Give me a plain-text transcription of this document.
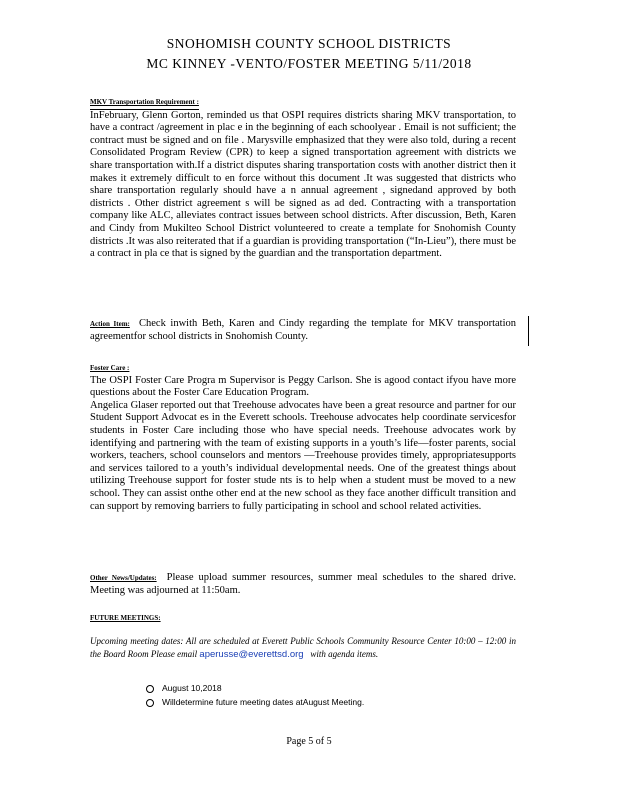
SNOHOMISH COUNTY SCHOOL DISTRICTS
MC KINNEY -VENTO/FOSTER MEETING 5/11/2018
MKV Transportation Requirement :

InFebruary, Glenn Gorton, reminded us that OSPI requires districts sharing MKV transportation, to have a contract /agreement in plac e in the beginning of each schoolyear . Email is not sufficient; the contract must be signed and on file . Marysville emphasized that they were also told, during a recent Consolidated Program Review (CPR) to keep a signed transportation agreement with districts we share transportation with.If a district disputes sharing transportation costs with another district then it makes it extremely difficult to en force without this document .It was suggested that districts who share transportation regularly should have a n annual agreement , signedand approved by both districts . Other district agreement s will be signed as ad ded. Contracting with a transportation company like ALC, alleviates contract issues between school districts. After discussion, Beth, Karen and Cindy from Mukilteo School District volunteered to create a template for Snohomish County districts .It was also reiterated that if a guardian is providing transportation (“In-Lieu”), there must be a contract in pla ce that is signed by the guardian and the transportation department.

Action Item: Check inwith Beth, Karen and Cindy regarding the template for MKV transportation agreementfor school districts in Snohomish County.

Foster Care :

The OSPI Foster Care Progra m Supervisor is Peggy Carlson. She is agood contact ifyou have more questions about the Foster Care Education Program.

Angelica Glaser reported out that Treehouse advocates have been a great resource and partner for our Student Support Advocat es in the Everett schools. Treehouse advocates help coordinate servicesfor students in Foster Care including those who have special needs. Treehouse advocates work by identifying and partnering with the team of existing supports in a youth’s life—foster parents, social workers, teachers, school counselors and mentors —Treehouse provides timely, appropriatesupports and services tailored to a youth’s individual developmental needs. One of the greatest things about utilizing Treehouse support for foster stude nts is to help when a student must be moved to a new school. They can assist onthe other end at the new school as they face another difficult transition and can support by removing barriers to fully participating in school and school related activities.

Other News/Updates: Please upload summer resources, summer meal schedules to the shared drive. Meeting was adjourned at 11:50am.

FUTURE MEETINGS:

Upcoming meeting dates: All are scheduled at Everett Public Schools Community Resource Center 10:00 – 12:00 in the Board Room Please email aperusse@everettsd.org with agenda items.

August 10,2018
Willdetermine future meeting dates atAugust Meeting.
Page 5 of 5
